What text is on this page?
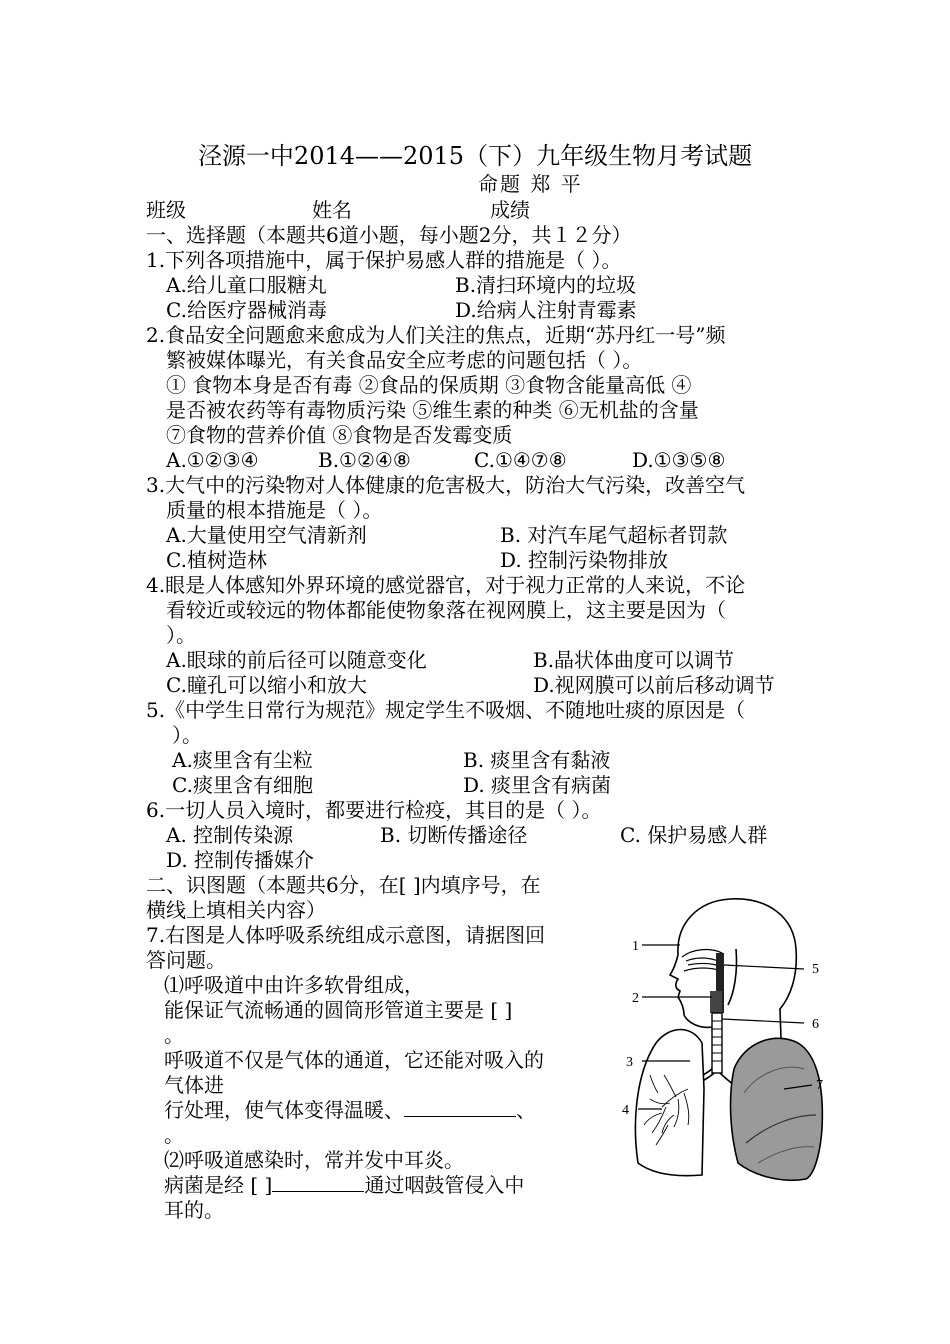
泾源一中2014——2015（下）九年级生物月考试题
命题 郑 平
班级	姓名	成绩
一、选择题（本题共6道小题，每小题2分，共１２分）
1.下列各项措施中，属于保护易感人群的措施是（ ）。
A.给儿童口服糖丸	B.清扫环境内的垃圾
C.给医疗器械消毒	D.给病人注射青霉素
2.食品安全问题愈来愈成为人们关注的焦点，近期“苏丹红一号”频
繁被媒体曝光，有关食品安全应考虑的问题包括（ ）。
① 食物本身是否有毒 ②食品的保质期 ③食物含能量高低 ④
是否被农药等有毒物质污染 ⑤维生素的种类 ⑥无机盐的含量
⑦食物的营养价值 ⑧食物是否发霉变质
A.①②③④	B.①②④⑧	C.①④⑦⑧	D.①③⑤⑧
3.大气中的污染物对人体健康的危害极大，防治大气污染，改善空气
质量的根本措施是（ ）。
A.大量使用空气清新剂	B. 对汽车尾气超标者罚款
C.植树造林	D. 控制污染物排放
4.眼是人体感知外界环境的感觉器官，对于视力正常的人来说，不论
看较近或较远的物体都能使物象落在视网膜上，这主要是因为（
）。
A.眼球的前后径可以随意变化	B.晶状体曲度可以调节
C.瞳孔可以缩小和放大	D.视网膜可以前后移动调节
5.《中学生日常行为规范》规定学生不吸烟、不随地吐痰的原因是（
）。
A.痰里含有尘粒	B. 痰里含有黏液
C.痰里含有细胞	D. 痰里含有病菌
6.一切人员入境时，都要进行检疫，其目的是（ ）。
A. 控制传染源	B. 切断传播途径	C. 保护易感人群
D. 控制传播媒介
二、识图题（本题共6分，在[ ]内填序号，在
横线上填相关内容）
7.右图是人体呼吸系统组成示意图，请据图回
答问题。
⑴呼吸道中由许多软骨组成，
能保证气流畅通的圆筒形管道主要是 [ ]
。
呼吸道不仅是气体的通道，它还能对吸入的
气体进
行处理，使气体变得温暖、	、
。
⑵呼吸道感染时，常并发中耳炎。
病菌是经 [ ]	通过咽鼓管侵入中
耳的。
1
2
3
4
5
6
7
